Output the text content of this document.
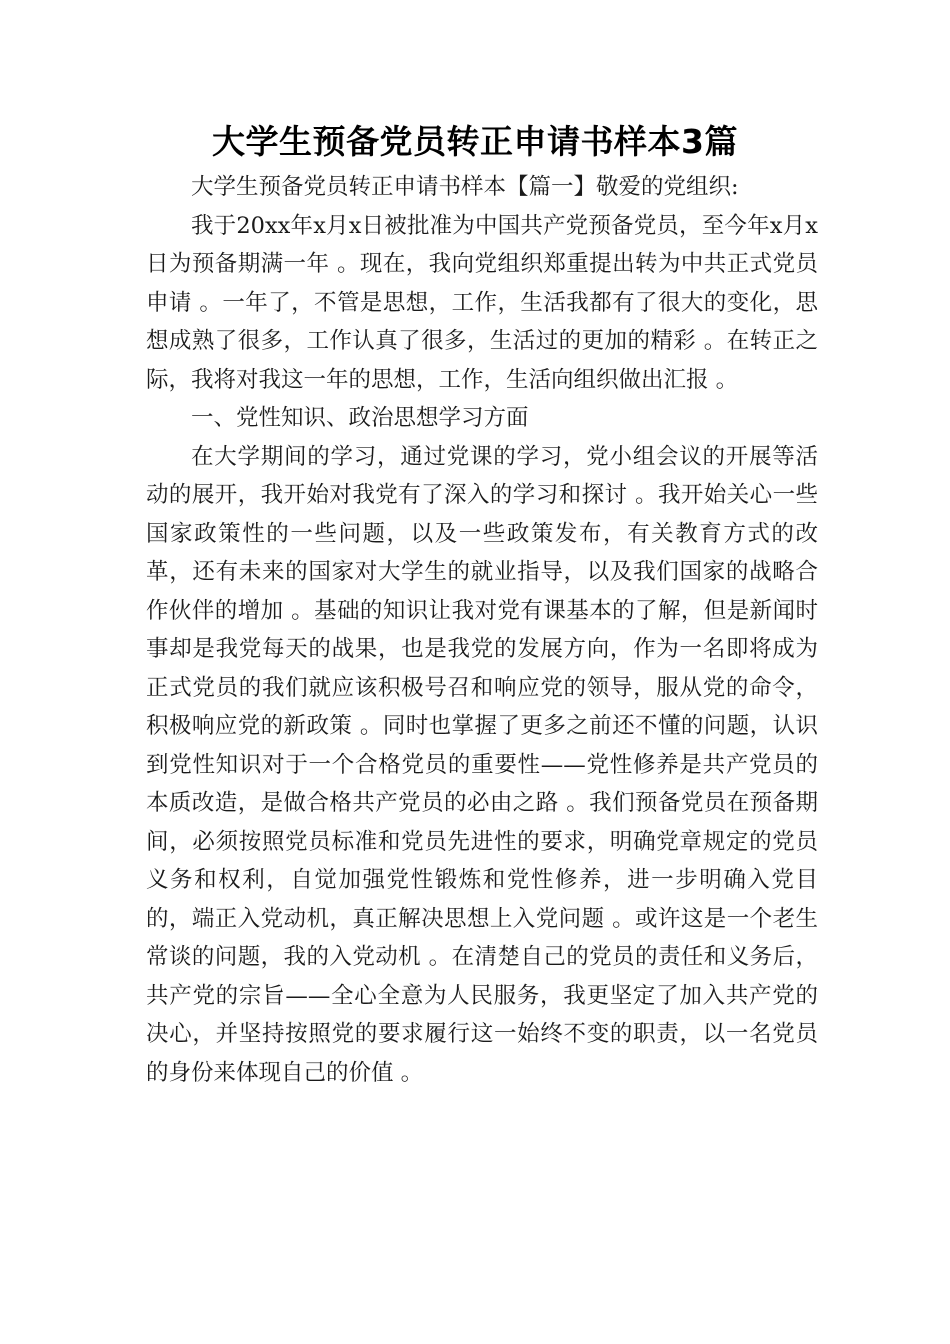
大学生预备党员转正申请书样本3篇

大学生预备党员转正申请书样本【篇一】敬爱的党组织:

我于20xx年x月x日被批准为中国共产党预备党员，至今年x月x日为预备期满一年 。现在，我向党组织郑重提出转为中共正式党员申请 。一年了，不管是思想，工作，生活我都有了很大的变化，思想成熟了很多，工作认真了很多，生活过的更加的精彩 。在转正之际，我将对我这一年的思想，工作，生活向组织做出汇报 。

一、党性知识、政治思想学习方面

在大学期间的学习，通过党课的学习，党小组会议的开展等活动的展开，我开始对我党有了深入的学习和探讨 。我开始关心一些国家政策性的一些问题，以及一些政策发布，有关教育方式的改革，还有未来的国家对大学生的就业指导，以及我们国家的战略合作伙伴的增加 。基础的知识让我对党有课基本的了解，但是新闻时事却是我党每天的战果，也是我党的发展方向，作为一名即将成为正式党员的我们就应该积极号召和响应党的领导，服从党的命令，积极响应党的新政策 。同时也掌握了更多之前还不懂的问题，认识到党性知识对于一个合格党员的重要性——党性修养是共产党员的本质改造，是做合格共产党员的必由之路 。我们预备党员在预备期间，必须按照党员标准和党员先进性的要求，明确党章规定的党员义务和权利，自觉加强党性锻炼和党性修养，进一步明确入党目的，端正入党动机，真正解决思想上入党问题 。或许这是一个老生常谈的问题，我的入党动机 。在清楚自己的党员的责任和义务后，共产党的宗旨——全心全意为人民服务，我更坚定了加入共产党的决心，并坚持按照党的要求履行这一始终不变的职责，以一名党员的身份来体现自己的价值 。
